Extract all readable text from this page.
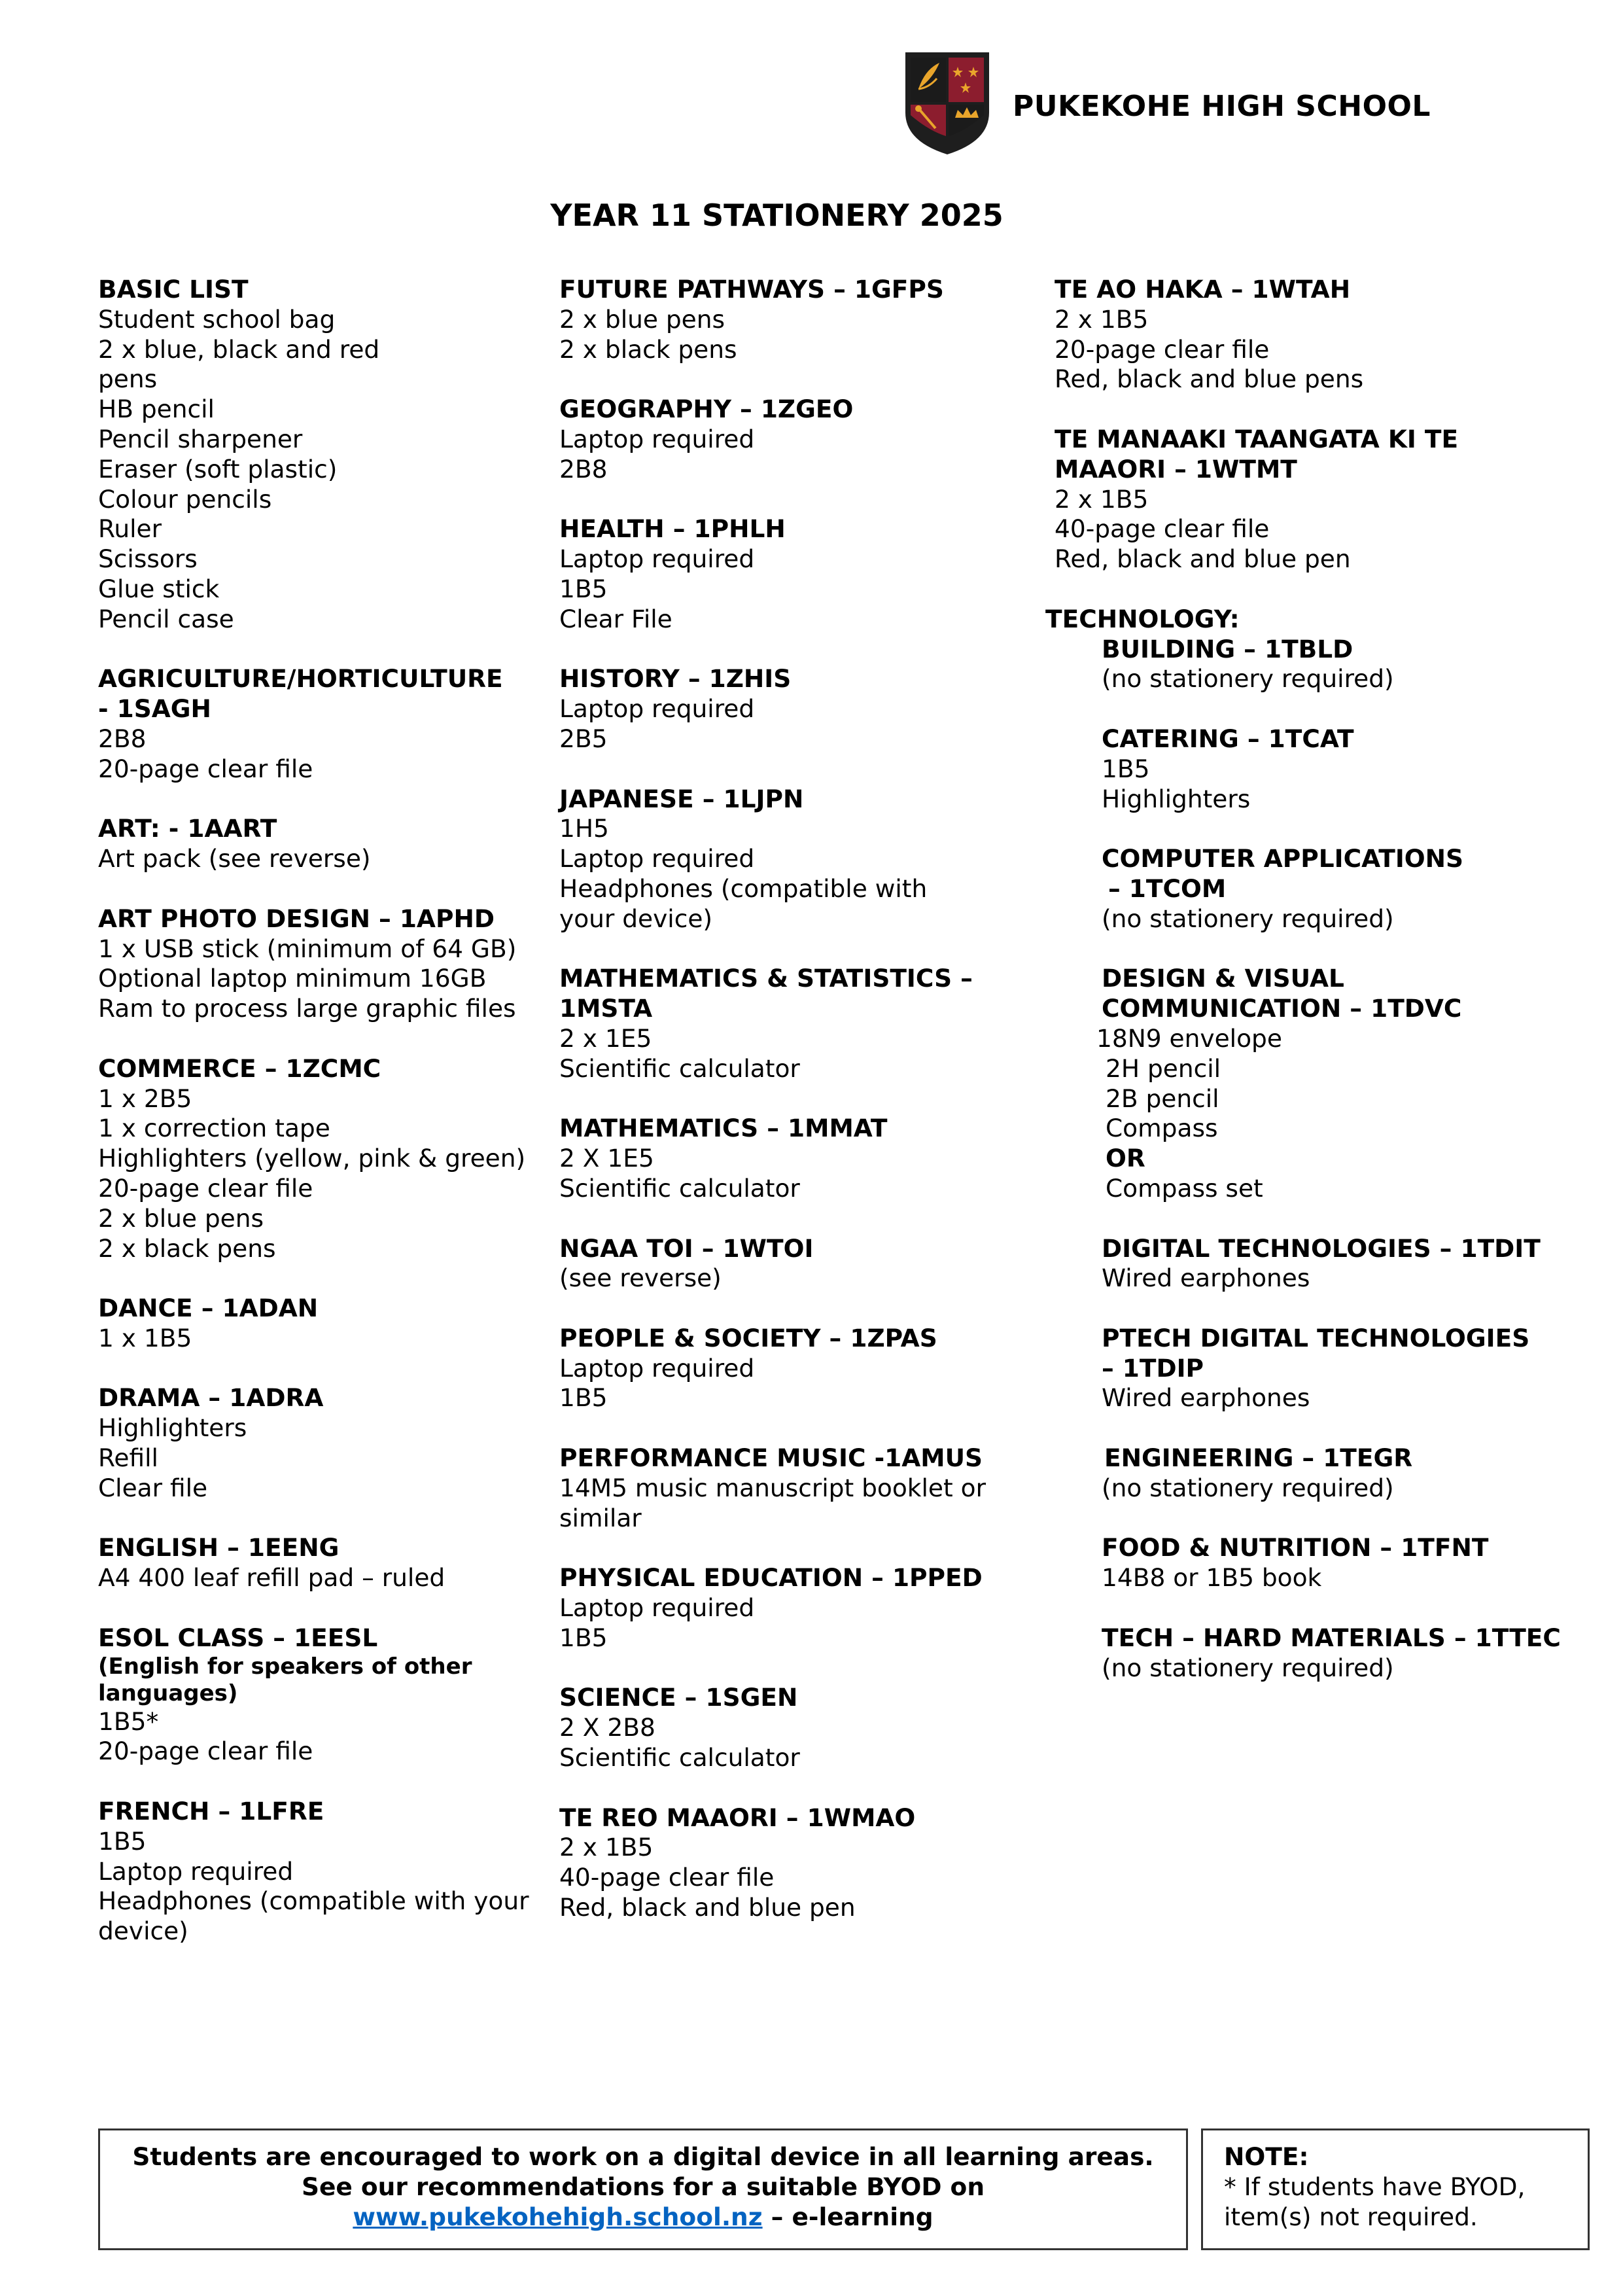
PUKEKOHE HIGH SCHOOL
YEAR 11 STATIONERY 2025
BASIC LIST
Student school bag
2 x blue, black and red
pens
HB pencil
Pencil sharpener
Eraser (soft plastic)
Colour pencils
Ruler
Scissors
Glue stick
Pencil case
AGRICULTURE/HORTICULTURE
- 1SAGH
2B8
20-page clear file
ART: - 1AART
Art pack (see reverse)
ART PHOTO DESIGN – 1APHD
1 x USB stick (minimum of 64 GB)
Optional laptop minimum 16GB
Ram to process large graphic files
COMMERCE – 1ZCMC
1 x 2B5
1 x correction tape
Highlighters (yellow, pink & green)
20-page clear file
2 x blue pens
2 x black pens
DANCE – 1ADAN
1 x 1B5
DRAMA – 1ADRA
Highlighters
Refill
Clear file
ENGLISH – 1EENG
A4 400 leaf refill pad – ruled
ESOL CLASS – 1EESL
(English for speakers of other languages)
1B5*
20-page clear file
FRENCH – 1LFRE
1B5
Laptop required
Headphones (compatible with your device)
FUTURE PATHWAYS – 1GFPS
2 x blue pens
2 x black pens
GEOGRAPHY – 1ZGEO
Laptop required
2B8
HEALTH – 1PHLH
Laptop required
1B5
Clear File
HISTORY – 1ZHIS
Laptop required
2B5
JAPANESE – 1LJPN
1H5
Laptop required
Headphones (compatible with
your device)
MATHEMATICS & STATISTICS –
1MSTA
2 x 1E5
Scientific calculator
MATHEMATICS – 1MMAT
2 X 1E5
Scientific calculator
NGAA TOI – 1WTOI
(see reverse)
PEOPLE & SOCIETY – 1ZPAS
Laptop required
1B5
PERFORMANCE MUSIC -1AMUS
14M5 music manuscript booklet or
similar
PHYSICAL EDUCATION – 1PPED
Laptop required
1B5
SCIENCE – 1SGEN
2 X 2B8
Scientific calculator
TE REO MAAORI – 1WMAO
2 x 1B5
40-page clear file
Red, black and blue pen
TE AO HAKA – 1WTAH
2 x 1B5
20-page clear file
Red, black and blue pens
TE MANAAKI TAANGATA KI TE
MAAORI – 1WTMT
2 x 1B5
40-page clear file
Red, black and blue pen
TECHNOLOGY:
BUILDING – 1TBLD
(no stationery required)
CATERING – 1TCAT
1B5
Highlighters
COMPUTER APPLICATIONS
– 1TCOM
(no stationery required)
DESIGN & VISUAL
COMMUNICATION – 1TDVC
18N9 envelope
2H pencil
2B pencil
Compass
OR
Compass set
DIGITAL TECHNOLOGIES – 1TDIT
Wired earphones
PTECH DIGITAL TECHNOLOGIES
– 1TDIP
Wired earphones
ENGINEERING – 1TEGR
(no stationery required)
FOOD & NUTRITION – 1TFNT
14B8 or 1B5 book
TECH – HARD MATERIALS – 1TTEC
(no stationery required)
Students are encouraged to work on a digital device in all learning areas.
See our recommendations for a suitable BYOD on
www.pukekohehigh.school.nz – e-learning
NOTE:
* If students have BYOD,
item(s) not required.
